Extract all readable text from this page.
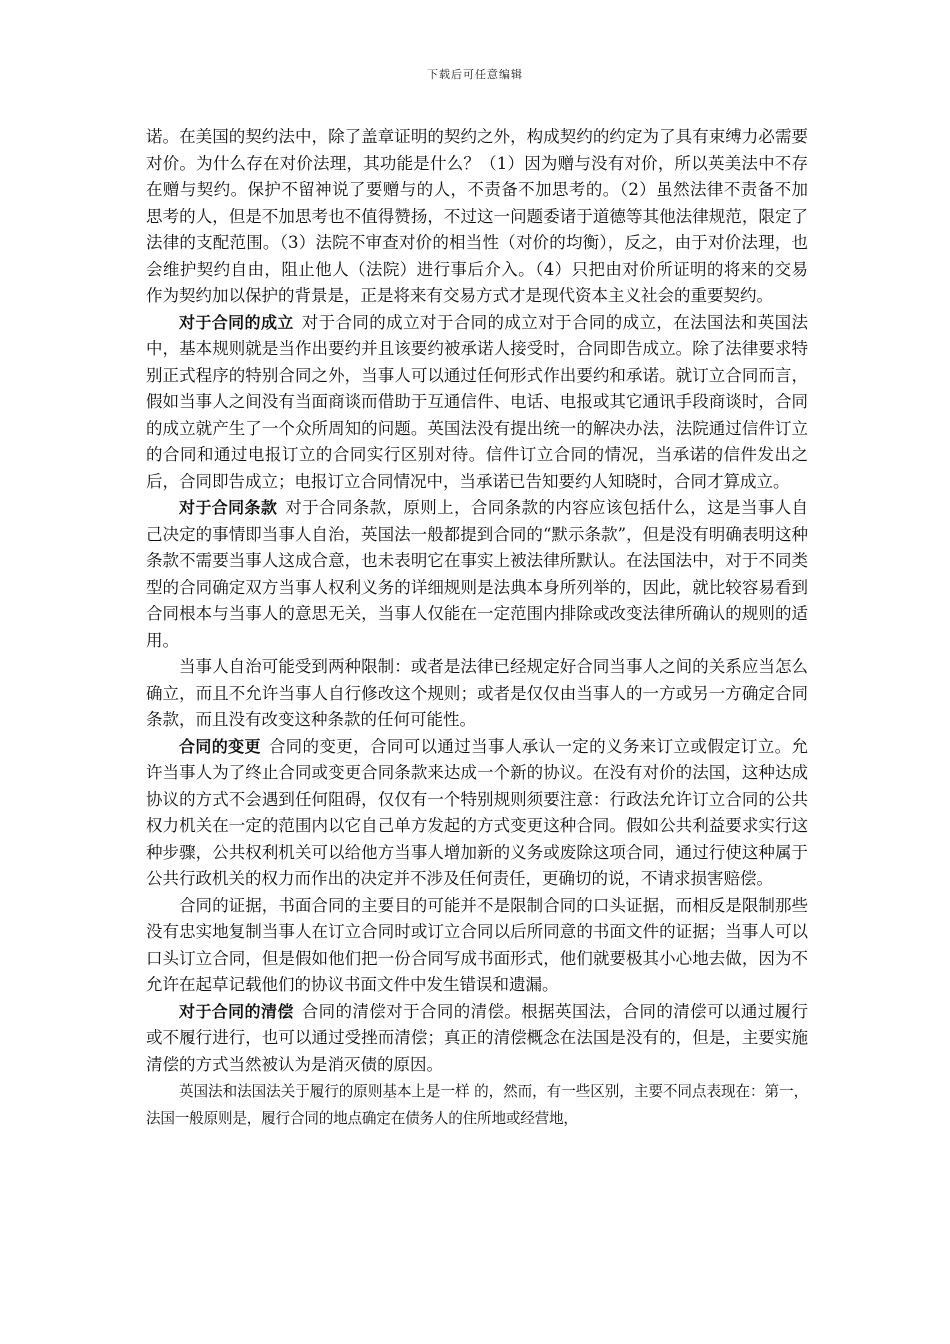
下载后可任意编辑

诺。在美国的契约法中，除了盖章证明的契约之外，构成契约的约定为了具有束缚力必需要对价。为什么存在对价法理，其功能是什么？（1）因为赠与没有对价，所以英美法中不存在赠与契约。保护不留神说了要赠与的人，不责备不加思考的。（2）虽然法律不责备不加思考的人，但是不加思考也不值得赞扬，不过这一问题委诸于道德等其他法律规范，限定了法律的支配范围。（3）法院不审查对价的相当性（对价的均衡），反之，由于对价法理，也会维护契约自由，阻止他人（法院）进行事后介入。（4）只把由对价所证明的将来的交易作为契约加以保护的背景是，正是将来有交易方式才是现代资本主义社会的重要契约。

对于合同的成立 对于合同的成立对于合同的成立对于合同的成立，在法国法和英国法中，基本规则就是当作出要约并且该要约被承诺人接受时，合同即告成立。除了法律要求特别正式程序的特别合同之外，当事人可以通过任何形式作出要约和承诺。就订立合同而言，假如当事人之间没有当面商谈而借助于互通信件、电话、电报或其它通讯手段商谈时，合同的成立就产生了一个众所周知的问题。英国法没有提出统一的解决办法，法院通过信件订立的合同和通过电报订立的合同实行区别对待。信件订立合同的情况，当承诺的信件发出之后，合同即告成立；电报订立合同情况中，当承诺已告知要约人知晓时，合同才算成立。

对于合同条款 对于合同条款，原则上，合同条款的内容应该包括什么，这是当事人自己决定的事情即当事人自治，英国法一般都提到合同的“默示条款”，但是没有明确表明这种条款不需要当事人这成合意，也未表明它在事实上被法律所默认。在法国法中，对于不同类型的合同确定双方当事人权利义务的详细规则是法典本身所列举的，因此，就比较容易看到合同根本与当事人的意思无关，当事人仅能在一定范围内排除或改变法律所确认的规则的适用。

当事人自治可能受到两种限制：或者是法律已经规定好合同当事人之间的关系应当怎么确立，而且不允许当事人自行修改这个规则；或者是仅仅由当事人的一方或另一方确定合同条款，而且没有改变这种条款的任何可能性。

合同的变更 合同的变更，合同可以通过当事人承认一定的义务来订立或假定订立。允许当事人为了终止合同或变更合同条款来达成一个新的协议。在没有对价的法国，这种达成协议的方式不会遇到任何阻碍，仅仅有一个特别规则须要注意：行政法允许订立合同的公共权力机关在一定的范围内以它自己单方发起的方式变更这种合同。假如公共利益要求实行这种步骤，公共权利机关可以给他方当事人增加新的义务或废除这项合同，通过行使这种属于公共行政机关的权力而作出的决定并不涉及任何责任，更确切的说，不请求损害赔偿。

合同的证据，书面合同的主要目的可能并不是限制合同的口头证据，而相反是限制那些没有忠实地复制当事人在订立合同时或订立合同以后所同意的书面文件的证据；当事人可以口头订立合同，但是假如他们把一份合同写成书面形式，他们就要极其小心地去做，因为不允许在起草记载他们的协议书面文件中发生错误和遗漏。

对于合同的清偿 合同的清偿对于合同的清偿。根据英国法，合同的清偿可以通过履行或不履行进行，也可以通过受挫而清偿；真正的清偿概念在法国是没有的，但是，主要实施清偿的方式当然被认为是消灭债的原因。

英国法和法国法关于履行的原则基本上是一样 的，然而，有一些区别，主要不同点表现在：第一，法国一般原则是，履行合同的地点确定在债务人的住所地或经营地，
